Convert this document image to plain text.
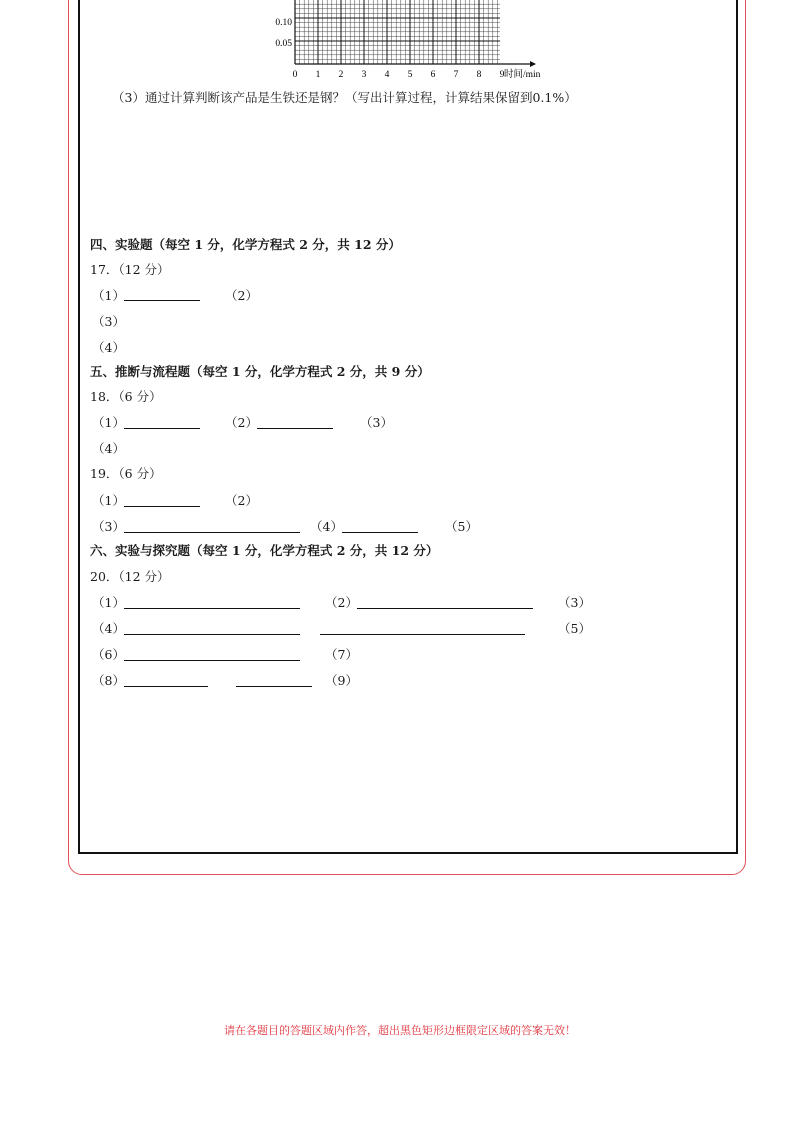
0.10
0.05
0 1 2 3 4 5 6 7 8 9 时间/min
（3）通过计算判断该产品是生铁还是钢？（写出计算过程，计算结果保留到0.1%）
四、实验题（每空 1 分，化学方程式 2 分，共 12 分）
17．（12 分）
（1）	（2）
（3）
（4）
五、推断与流程题（每空 1 分，化学方程式 2 分，共 9 分）
18．（6 分）
（1）	（2）	（3）
（4）
19．（6 分）
（1）	（2）
（3）	（4）	（5）
六、实验与探究题（每空 1 分，化学方程式 2 分，共 12 分）
20．（12 分）
（1）	（2）	（3）
（4）	（5）
（6）	（7）
（8）	（9）
请在各题目的答题区域内作答，超出黑色矩形边框限定区域的答案无效！
